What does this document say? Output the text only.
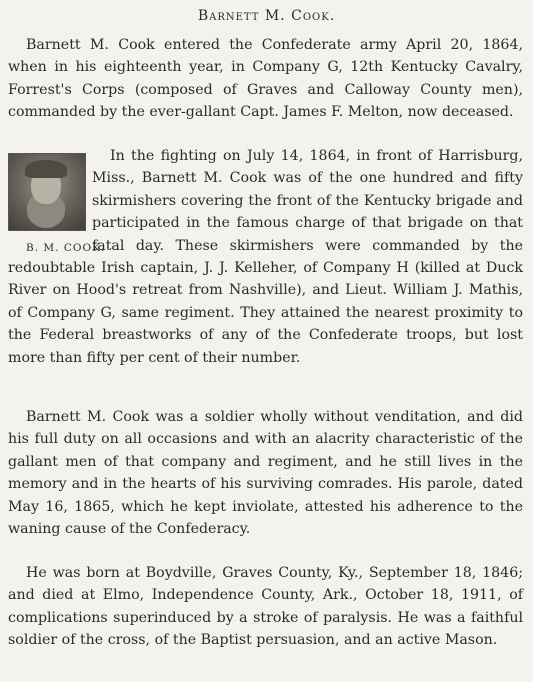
Barnett M. Cook.
Barnett M. Cook entered the Confederate army April 20, 1864, when in his eighteenth year, in Company G, 12th Kentucky Cavalry, Forrest's Corps (composed of Graves and Calloway County men), commanded by the ever-gallant Capt. James F. Melton, now deceased.
B. M. COOK.
In the fighting on July 14, 1864, in front of Harrisburg, Miss., Barnett M. Cook was of the one hundred and fifty skirmishers covering the front of the Kentucky brigade and participated in the famous charge of that brigade on that fatal day. These skirmishers were commanded by the redoubtable Irish captain, J. J. Kelleher, of Company H (killed at Duck River on Hood's retreat from Nashville), and Lieut. William J. Mathis, of Company G, same regiment. They attained the nearest proximity to the Federal breastworks of any of the Confederate troops, but lost more than fifty per cent of their number.
Barnett M. Cook was a soldier wholly without venditation, and did his full duty on all occasions and with an alacrity characteristic of the gallant men of that company and regiment, and he still lives in the memory and in the hearts of his surviving comrades. His parole, dated May 16, 1865, which he kept inviolate, attested his adherence to the waning cause of the Confederacy.
He was born at Boydville, Graves County, Ky., September 18, 1846; and died at Elmo, Independence County, Ark., October 18, 1911, of complications superinduced by a stroke of paralysis. He was a faithful soldier of the cross, of the Baptist persuasion, and an active Mason.
